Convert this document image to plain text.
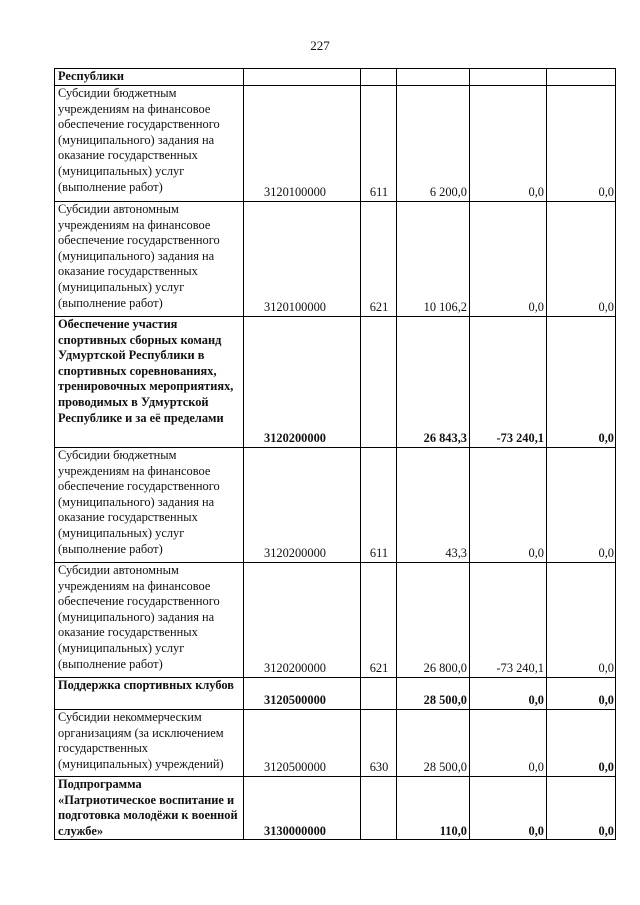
227
Республики					
Субсидии бюджетным учреждениям на финансовое обеспечение государственного (муниципального) задания на оказание государственных (муниципальных) услуг (выполнение работ)	3120100000	611	6 200,0	0,0	0,0
Субсидии автономным учреждениям на финансовое обеспечение государственного (муниципального) задания на оказание государственных (муниципальных) услуг (выполнение работ)	3120100000	621	10 106,2	0,0	0,0
Обеспечение участия спортивных сборных команд Удмуртской Республики в спортивных соревнованиях, тренировочных мероприятиях, проводимых в Удмуртской Республике и за её пределами	3120200000		26 843,3	-73 240,1	0,0
Субсидии бюджетным учреждениям на финансовое обеспечение государственного (муниципального) задания на оказание государственных (муниципальных) услуг (выполнение работ)	3120200000	611	43,3	0,0	0,0
Субсидии автономным учреждениям на финансовое обеспечение государственного (муниципального) задания на оказание государственных (муниципальных) услуг (выполнение работ)	3120200000	621	26 800,0	-73 240,1	0,0
Поддержка спортивных клубов	3120500000		28 500,0	0,0	0,0
Субсидии некоммерческим организациям (за исключением государственных (муниципальных) учреждений)	3120500000	630	28 500,0	0,0	0,0
Подпрограмма «Патриотическое воспитание и подготовка молодёжи к военной службе»	3130000000		110,0	0,0	0,0
